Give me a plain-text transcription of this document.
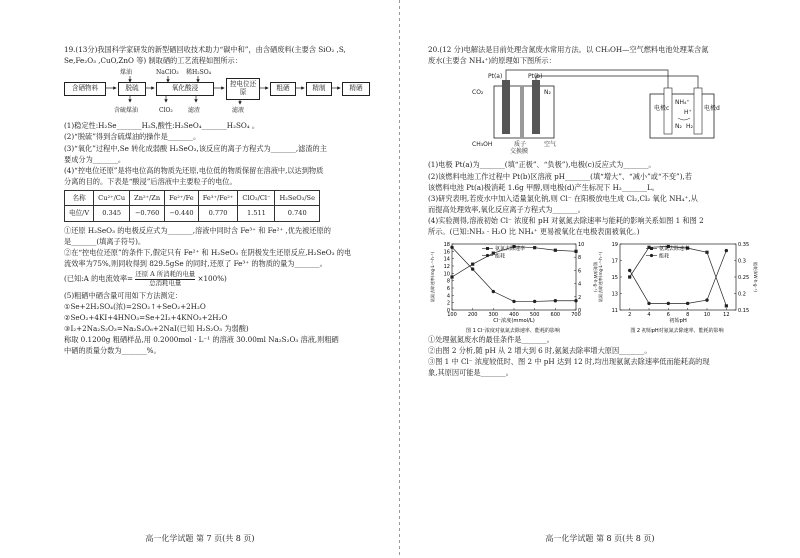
19.(13分)我国科学家研发的新型硒回收技术助力“碳中和”，由含硒废料(主要含 SiO₂ ,S,

Se,Fe₂O₃ ,CuO,ZnO 等) 制取硒的工艺流程如图所示：

煤油	NaClO₃ 稀H₂SO₄
含硒物料	脱硫	氧化酸浸	控电位还原	粗硒	精制	精硒
含硫煤油	ClO₂	滤渣	滤液

(1)稳定性:H₂Se_______H₂S,酸性:H₂SeO₄_______H₂SO₄ 。

(2)“脱硫”得到含硫煤油的操作是_______。

(3)“氧化”过程中,Se 转化成弱酸 H₂SeO₃,该反应的离子方程式为_______,滤渣的主

要成分为_______。

(4)“控电位还原”是将电位高的物质先还原,电位低的物质保留在溶液中,以达到物质

分离的目的。下表是“酸浸”后溶液中主要粒子的电位。

名称	Cu²⁺/Cu	Zn²⁺/Zn	Fe²⁺/Fe	Fe³⁺/Fe²⁺	ClO₂/Cl⁻	H₂SeO₃/Se
电位/V	0.345	−0.760	−0.440	0.770	1.511	0.740

①还原 H₂SeO₃ 的电极反应式为_______,溶液中同时含 Fe³⁺ 和 Fe²⁺ ,优先被还原的

是_______(填离子符号)。

②在“控电位还原”的条件下,假定只有 Fe²⁺ 和 H₂SeO₃ 在阴极发生还原反应,H₂SeO₃ 的电

流效率为75%,则同收得到 829.5gSe 的同时,还原了 Fe³⁺ 的物质的量为_______。

(已知:A 的电流效率= $\frac{\text{还原 A 所消耗的电量}}{\text{总消耗电量}} \times 100\%$)

(5)粗硒中硒含量可用如下方法测定：

①Se+2H₂SO₄(浓)=2SO₂↑+SeO₂+2H₂O

②SeO₂+4KI+4HNO₃=Se+2I₂+4KNO₃+2H₂O

③I₂+2Na₂S₂O₃=Na₂S₄O₆+2NaI(已知 H₂S₂O₃ 为弱酸)

称取 0.1200g 粗硒样品,用 0.2000mol · L⁻¹ 的溶液 30.00ml Na₂S₂O₃ 溶液,则粗硒

中硒的质量分数为_______%。

高一化学试题 第 7 页(共 8 页)

20.(12 分)电解法是目前处理含氮废水常用方法。以 CH₃OH—空气燃料电池处理某含氮

废水(主要含 NH₄⁺)的原理如下图所示：

Pt(a)	Pt(b)
CO₂	N₂
CH₃OH	空气
质子
交换膜
电极c	电极d
NH₄⁺
H⁺
N₂ H₂

(1)电极 Pt(a)为_______(填“正极”、“负极”),电极(c)反应式为_______。

(2)该燃料电池工作过程中 Pt(b)区溶液 pH_______(填“增大”、“减小”或“不变”),若

该燃料电池 Pt(a)极消耗 1.6g 甲醇,则电极(d)产生标况下 H₂_______L。

(3)研究表明,若废水中加入适量氯化钠,则 Cl⁻ 在阳极放电生成 Cl₂,Cl₂ 氧化 NH₄⁺,从

而提高处理效率,氧化反应离子方程式为_______。

(4)实验测得,溶液初始 Cl⁻ 浓度和 pH 对氨氮去除速率与能耗的影响关系如图 1 和图 2

所示。(已知:NH₃ · H₂O 比 NH₄⁺ 更易被氧化在电极表面被氧化。)

0
2
4
6
8
10
12
14
16
18
0
2
4
6
8
10
100 200 300 400 500 600 700
Cl⁻浓度(mmol/L)
氨氮去除速率(mg·L⁻¹·h⁻¹)	能耗(kW·h·g⁻¹)
氨氮去除速率
能耗
图 1 Cl⁻浓度对氨氮去除速率、能耗的影响
11
13
15
17
19
0.15
0.2
0.25
0.3
0.35
2	4	6	8	10	12
初始pH
氨氮去除速率(mg·L⁻¹·h⁻¹)	能耗(kW·h·g⁻¹)
氨氮去除速率
能耗
图 2 初始pH对氨氮去除速率、能耗的影响

①处理氨氮废水的最佳条件是_______。

②由图 2 分析,随 pH 从 2 增大到 6 时,氨氮去除率增大原因_______。

③图 1 中 Cl⁻ 浓度较低时、图 2 中 pH 达到 12 时,均出现氨氮去除速率低而能耗高的现

象,其原因可能是_______。

高一化学试题 第 8 页(共 8 页)
